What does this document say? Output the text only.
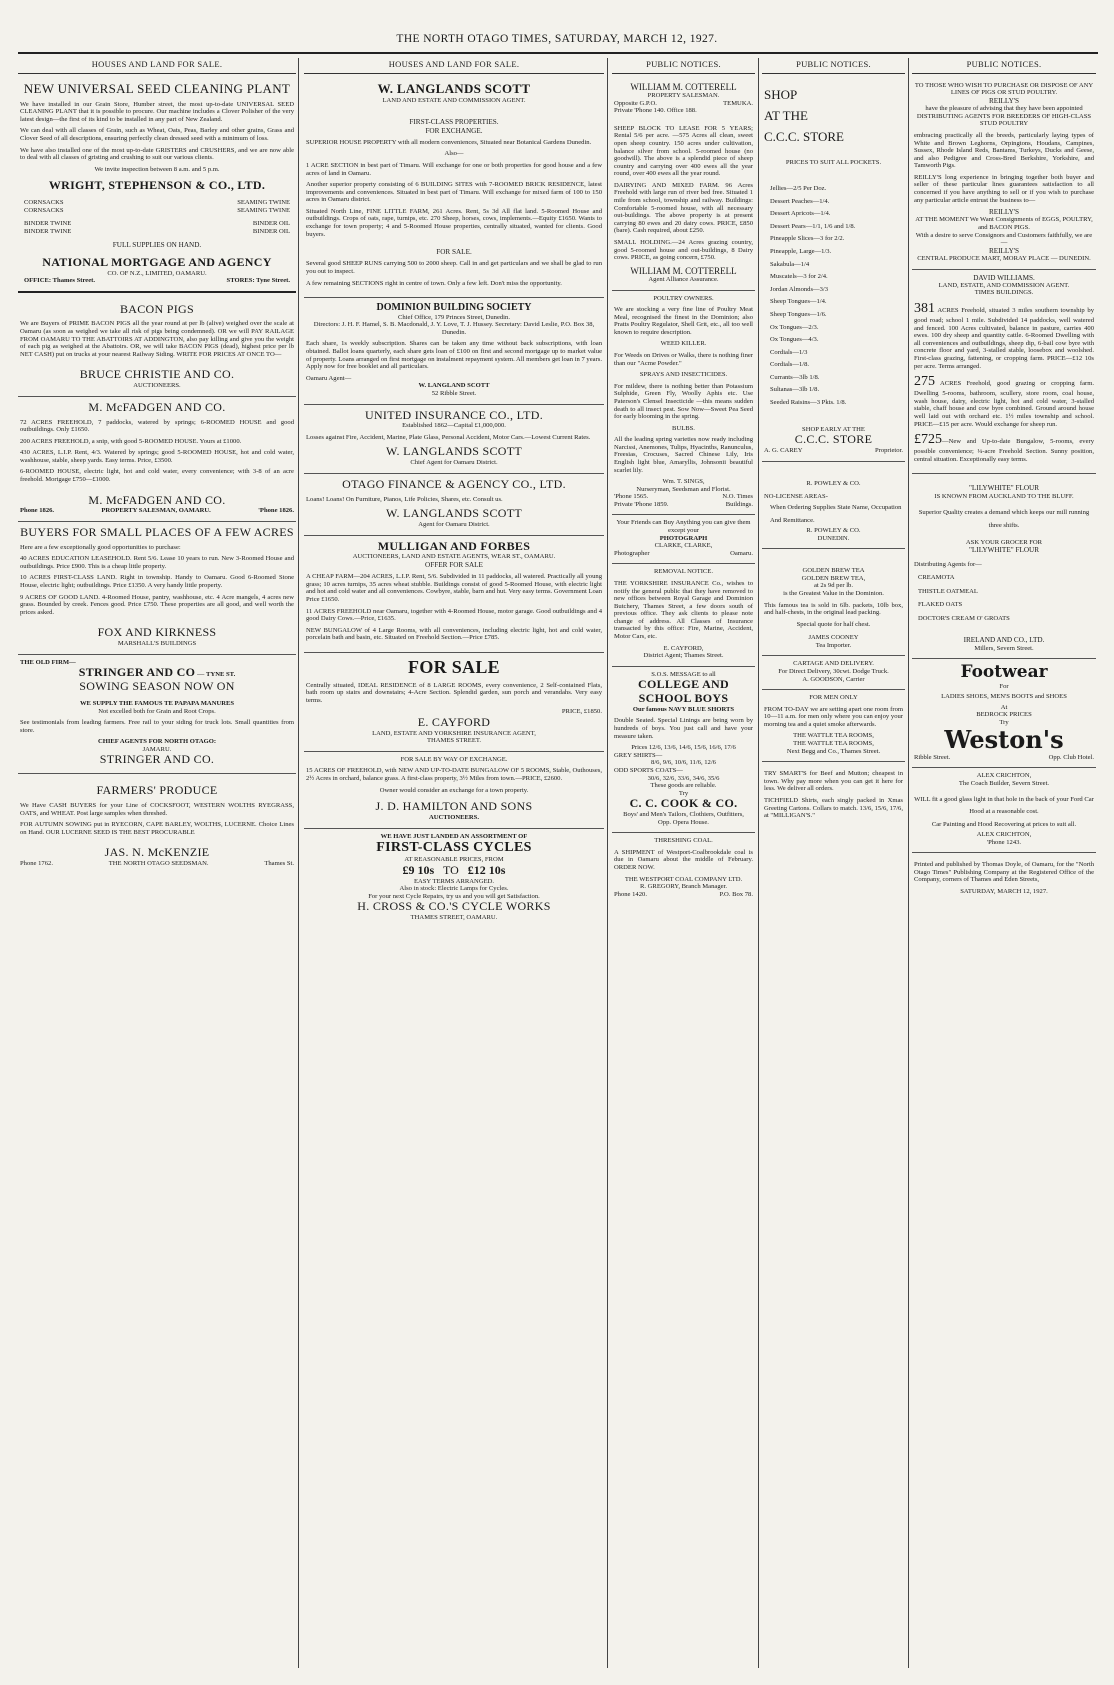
THE NORTH OTAGO TIMES, SATURDAY, MARCH 12, 1927.
HOUSES AND LAND FOR SALE.
NEW UNIVERSAL SEED CLEANING PLANT
We have installed in our Grain Store, Humber street, the most up-to-date UNIVERSAL SEED CLEANING PLANT that it is possible to procure. Our machine includes a Clover Polisher of the very latest design—the first of its kind to be installed in any part of New Zealand.
We can deal with all classes of Grain, such as Wheat, Oats, Peas, Barley and other grains, Grass and Clover Seed of all descriptions, ensuring perfectly clean dressed seed with a minimum of loss.
We have also installed one of the most up-to-date GRISTERS and CRUSHERS, and we are now able to deal with all classes of gristing and crushing to suit our various clients.
We invite inspection between 8 a.m. and 5 p.m.
WRIGHT, STEPHENSON & CO., LTD.
CORNSACKS	SEAMING TWINE
CORNSACKS	SEAMING TWINE
BINDER TWINE	BINDER OIL
BINDER TWINE	BINDER OIL
FULL SUPPLIES ON HAND.
NATIONAL MORTGAGE AND AGENCY
CO. OF N.Z., LIMITED, OAMARU.
OFFICE: Thames Street.	STORES: Tyne Street.
BACON PIGS
We are Buyers of PRIME BACON PIGS all the year round at per lb (alive) weighed over the scale at Oamaru (as soon as weighed we take all risk of pigs being condemned). OR we will PAY RAILAGE FROM OAMARU TO THE ABATTOIRS AT ADDINGTON, also pay killing and give you the weight of each pig as weighed at the Abattoirs. OR, we will take BACON PIGS (dead), highest price per lb NET CASH) put on trucks at your nearest Railway Siding. WRITE FOR PRICES AT ONCE TO—
BRUCE CHRISTIE AND CO.
AUCTIONEERS.
M. McFADGEN AND CO.
72 ACRES FREEHOLD, 7 paddocks, watered by springs; 6-ROOMED HOUSE and good outbuildings. Only £1650.
200 ACRES FREEHOLD, a snip, with good 5-ROOMED HOUSE. Yours at £1000.
430 ACRES, L.I.P. Rent, 4/3. Watered by springs; good 5-ROOMED HOUSE, hot and cold water, washhouse, stable, sheep yards. Easy terms. Price, £3500.
6-ROOMED HOUSE, electric light, hot and cold water, every convenience; with 3-8 of an acre freehold. Mortgage £750—£1000.
M. McFADGEN AND CO.
Phone 1826.	PROPERTY SALESMAN, OAMARU.	'Phone 1826.
BUYERS FOR SMALL PLACES OF A FEW ACRES
Here are a few exceptionally good opportunities to purchase:
40 ACRES EDUCATION LEASEHOLD. Rent 5/6. Lease 10 years to run. New 3-Roomed House and outbuildings. Price £900. This is a cheap little property.
10 ACRES FIRST-CLASS LAND. Right in township. Handy to Oamaru. Good 6-Roomed Stone House, electric light; outbuildings. Price £1350. A very handy little property.
9 ACRES OF GOOD LAND. 4-Roomed House, pantry, washhouse, etc. 4 Acre mangels, 4 acres new grass. Bounded by creek. Fences good. Price £750. These properties are all good, and well worth the prices asked.
FOX AND KIRKNESS
MARSHALL'S BUILDINGS
THE OLD FIRM—
STRINGER AND CO — TYNE ST.
SOWING SEASON NOW ON
WE SUPPLY THE FAMOUS TE PAPAPA MANURES
Not excelled both for Grain and Root Crops.
See testimonials from leading farmers. Free rail to your siding for truck lots. Small quantities from store.
CHIEF AGENTS FOR NORTH OTAGO:
JAMARU.
STRINGER AND CO.
FARMERS' PRODUCE
We Have CASH BUYERS for your Line of COCKSFOOT, WESTERN WOLTHS RYEGRASS, OATS, and WHEAT. Post large samples when threshed.
FOR AUTUMN SOWING put in RYECORN, CAPE BARLEY, WOLTHS, LUCERNE. Choice Lines on Hand. OUR LUCERNE SEED IS THE BEST PROCURABLE
JAS. N. McKENZIE
Phone 1762.	THE NORTH OTAGO SEEDSMAN.	Thames St.
HOUSES AND LAND FOR SALE.
W. LANGLANDS SCOTT
LAND AND ESTATE AND COMMISSION AGENT.
FIRST-CLASS PROPERTIES.
FOR EXCHANGE.
SUPERIOR HOUSE PROPERTY with all modern conveniences, Situated near Botanical Gardens Dunedin.
Also—
1 ACRE SECTION in best part of Timaru. Will exchange for one or both properties for good house and a few acres of land in Oamaru.
Another superior property consisting of 6 BUILDING SITES with 7-ROOMED BRICK RESIDENCE, latest improvements and conveniences. Situated in best part of Timaru. Will exchange for mixed farm of 100 to 150 acres in Oamaru district.
Situated North Line, FINE LITTLE FARM, 261 Acres. Rent, 5s 3d All flat land. 5-Roomed House and outbuildings. Crops of oats, rape, turnips, etc. 270 Sheep, horses, cows, implements.—Equity £1650. Wants to exchange for town property; 4 and 5-Roomed House properties, centrally situated, wanted for clients. Good buyers.
FOR SALE.
Several good SHEEP RUNS carrying 500 to 2000 sheep. Call in and get particulars and we shall be glad to run you out to inspect.
A few remaining SECTIONS right in centre of town. Only a few left. Don't miss the opportunity.
DOMINION BUILDING SOCIETY
Chief Office, 179 Princes Street, Dunedin.
Directors: J. H. F. Hamel, S. B. Macdonald, J. Y. Love, T. J. Hussey. Secretary: David Leslie, P.O. Box 38, Dunedin.
Each share, 1s weekly subscription. Shares can be taken any time without back subscriptions, with loan obtained. Ballot loans quarterly, each share gets loan of £100 on first and second mortgage up to market value of property. Loans arranged on first mortgage on instalment repayment system. All members get loan in 7 years. Apply now for free booklet and all particulars.
Oamaru Agent—
W. LANGLAND SCOTT
52 Ribble Street.
UNITED INSURANCE CO., LTD.
Established 1862—Capital £1,000,000.
Losses against Fire, Accident, Marine, Plate Glass, Personal Accident, Motor Cars.—Lowest Current Rates.
W. LANGLANDS SCOTT
Chief Agent for Oamaru District.
OTAGO FINANCE & AGENCY CO., LTD.
Loans! Loans! On Furniture, Pianos, Life Policies, Shares, etc. Consult us.
W. LANGLANDS SCOTT
Agent for Oamaru District.
MULLIGAN AND FORBES
AUCTIONEERS, LAND AND ESTATE AGENTS, WEAR ST., OAMARU.
OFFER FOR SALE
A CHEAP FARM—204 ACRES, L.I.P. Rent, 5/6. Subdivided in 11 paddocks, all watered. Practically all young grass; 10 acres turnips, 35 acres wheat stubble. Buildings consist of good 5-Roomed House, with electric light and hot and cold water and all conveniences. Cowbyre, stable, barn and hut. Very easy terms. Government Loan Price £1650.
11 ACRES FREEHOLD near Oamaru, together with 4-Roomed House, motor garage. Good outbuildings and 4 good Dairy Cows.—Price, £1635.
NEW BUNGALOW of 4 Large Rooms, with all conveniences, including electric light, hot and cold water, porcelain bath and basin, etc. Situated on Freehold Section.—Price £785.
FOR SALE
Centrally situated, IDEAL RESIDENCE of 8 LARGE ROOMS, every convenience, 2 Self-contained Flats, bath room up stairs and downstairs; 4-Acre Section. Splendid garden, sun porch and verandahs. Very easy terms.
PRICE, £1850.
E. CAYFORD
LAND, ESTATE AND YORKSHIRE INSURANCE AGENT,
THAMES STREET.
FOR SALE BY WAY OF EXCHANGE.
15 ACRES OF FREEHOLD, with NEW AND UP-TO-DATE BUNGALOW OF 5 ROOMS, Stable, Outhouses, 2½ Acres in orchard, balance grass. A first-class property, 3½ Miles from town.—PRICE, £2600.
Owner would consider an exchange for a town property.
J. D. HAMILTON AND SONS
AUCTIONEERS.
WE HAVE JUST LANDED AN ASSORTMENT OF
FIRST-CLASS CYCLES
AT REASONABLE PRICES, FROM
£9 10s TO £12 10s
EASY TERMS ARRANGED.
Also in stock: Electric Lamps for Cycles.
For your next Cycle Repairs, try us and you will get Satisfaction.
H. CROSS & CO.'S CYCLE WORKS
THAMES STREET, OAMARU.
PUBLIC NOTICES.
WILLIAM M. COTTERELL
PROPERTY SALESMAN.
Opposite G.P.O.	TEMUKA.
Private 'Phone 140. Office 188.
SHEEP BLOCK TO LEASE FOR 5 YEARS; Rental 5/6 per acre. —575 Acres all clean, sweet open sheep country. 150 acres under cultivation, balance silver from school. 5-roomed house (no goodwill). The above is a splendid piece of sheep country and carrying over 400 ewes all the year round, over 400 ewes all the year round.
DAIRYING AND MIXED FARM. 96 Acres Freehold with large run of river bed free. Situated 1 mile from school, township and railway. Buildings: Comfortable 5-roomed house, with all necessary out-buildings. The above property is at present carrying 80 ewes and 20 dairy cows. PRICE, £850 (bare). Cash required, about £250.
SMALL HOLDING.—24 Acres grazing country, good 5-roomed house and out-buildings, 8 Dairy cows. PRICE, as going concern, £750.
WILLIAM M. COTTERELL
Agent Alliance Assurance.
POULTRY OWNERS.
We are stocking a very fine line of Poultry Meat Meal, recognised the finest in the Dominion; also Pratts Poultry Regulator, Shell Grit, etc., all too well known to require description.
WEED KILLER.
For Weeds on Drives or Walks, there is nothing finer than our "Acme Powder."
SPRAYS AND INSECTICIDES.
For mildew, there is nothing better than Potassium Sulphide, Green Fly, Woolly Aphis etc. Use Paterson's Clensel Insecticide —this means sudden death to all insect pest. Sow Now—Sweet Pea Seed for early blooming in the spring.
BULBS.
All the leading spring varieties now ready including Narcissi, Anemones, Tulips, Hyacinths, Ranunculus, Freesias, Crocuses, Sacred Chinese Lily, Iris English light blue, Amaryllis, Johnsonii beautiful scarlet lily.
Wm. T. SINGS,
Nurseryman, Seedsman and Florist.
'Phone 1565.	N.O. Times
Private 'Phone 1859.	Buildings.
Your Friends can Buy Anything you can give them except your
PHOTOGRAPH
CLARKE, CLARKE,
Photographer	Oamaru.
REMOVAL NOTICE.
THE YORKSHIRE INSURANCE Co., wishes to notify the general public that they have removed to new offices between Royal Garage and Dominion Butchery, Thames Street, a few doors south of previous office. They ask clients to please note change of address. All Classes of Insurance transacted by this office: Fire, Marine, Accident, Motor Cars, etc.
E. CAYFORD,
District Agent; Thames Street.
S.O.S. MESSAGE to all
COLLEGE AND SCHOOL BOYS
Our famous NAVY BLUE SHORTS
Double Seated. Special Linings are being worn by hundreds of boys. You just call and have your measure taken.
Prices 12/6, 13/6, 14/6, 15/6, 16/6, 17/6
GREY SHIRTS—
8/6, 9/6, 10/6, 11/6, 12/6
ODD SPORTS COATS—
30/6, 32/6, 33/6, 34/6, 35/6
These goods are reliable.
Try
C. C. COOK & CO.
Boys' and Men's Tailors, Clothiers, Outfitters,
Opp. Opera House.
THRESHING COAL.
A SHIPMENT of Westport-Coalbrookdale coal is due in Oamaru about the middle of February. ORDER NOW.
THE WESTPORT COAL COMPANY LTD.
R. GREGORY, Branch Manager.
Phone 1420.	P.O. Box 78.
PUBLIC NOTICES.
SHOP
AT THE
C.C.C. STORE
PRICES TO SUIT ALL POCKETS.
Jellies—2/5 Per Doz.
Dessert Peaches—1/4.
Dessert Apricots—1/4.
Dessert Pears—1/1, 1/6 and 1/8.
Pineapple Slices—3 for 2/2.
Pineapple, Large—1/3.
Sakabula—1/4
Muscatels—3 for 2/4.
Jordan Almonds—3/3
Sheep Tongues—1/4.
Sheep Tongues—1/6.
Ox Tongues—2/3.
Ox Tongues—4/3.
Cordials—1/3
Cordials—1/8.
Currants—3lb 1/8.
Sultanas—3lb 1/8.
Seeded Raisins—3 Pkts. 1/8.
SHOP EARLY AT THE
C.C.C. STORE
A. G. CAREY	Proprietor.
R. POWLEY & CO.
NO-LICENSE AREAS-
When Ordering Supplies State Name, Occupation And Remittance.
R. POWLEY & CO.
DUNEDIN.
GOLDEN BREW TEA
GOLDEN BREW TEA,
at 2s 9d per lb.
is the Greatest Value in the Dominion.
This famous tea is sold in 6lb. packets, 10lb box, and half-chests, in the original lead packing.
Special quote for half chest.
JAMES COONEY
Tea Importer.
CARTAGE AND DELIVERY.
For Direct Delivery, 30cwt. Dodge Truck.
A. GOODSON, Carrier
FOR MEN ONLY
FROM TO-DAY we are setting apart one room from 10—11 a.m. for men only where you can enjoy your morning tea and a quiet smoke afterwards.
THE WATTLE TEA ROOMS,
THE WATTLE TEA ROOMS,
Next Begg and Co., Thames Street.
TRY SMART'S for Beef and Mutton; cheapest in town. Why pay more when you can get it here for less. We deliver all orders.
TICHFIELD Shirts, each singly packed in Xmas Greeting Cartons. Collars to match. 13/6, 15/6, 17/6, at "MILLIGAN'S."
PUBLIC NOTICES.
TO THOSE WHO WISH TO PURCHASE OR DISPOSE OF ANY LINES OF PIGS OR STUD POULTRY.
REILLY'S
have the pleasure of advising that they have been appointed
DISTRIBUTING AGENTS FOR BREEDERS OF HIGH-CLASS STUD POULTRY
embracing practically all the breeds, particularly laying types of White and Brown Leghorns, Orpingtons, Houdans, Campines, Sussex, Rhode Island Reds, Bantams, Turkeys, Ducks and Geese, and also Pedigree and Cross-Bred Berkshire, Yorkshire, and Tamworth Pigs.
REILLY'S long experience in bringing together both buyer and seller of these particular lines guarantees satisfaction to all concerned if you have anything to sell or if you wish to purchase any particular article entrust the business to—
REILLY'S
AT THE MOMENT We Want Consignments of EGGS, POULTRY, and BACON PIGS.
With a desire to serve Consignors and Customers faithfully, we are—
REILLY'S
CENTRAL PRODUCE MART, MORAY PLACE — DUNEDIN.
DAVID WILLIAMS.
LAND, ESTATE, AND COMMISSION AGENT.
TIMES BUILDINGS.
381 ACRES Freehold, situated 3 miles southern township by good road; school 1 mile. Subdivided 14 paddocks, well watered and fenced. 100 Acres cultivated, balance in pasture, carries 400 ewes. 100 dry sheep and quantity cattle. 6-Roomed Dwelling with all conveniences and outbuildings, sheep dip, 6-bail cow byre with concrete floor and yard, 3-stalled stable, loosebox and woolshed. First-class grazing, fattening, or cropping farm. PRICE—£12 10s per acre. Terms arranged.
275 ACRES Freehold, good grazing or cropping farm. Dwelling 5-rooms, bathroom, scullery, store room, coal house, wash house, dairy, electric light, hot and cold water, 3-stalled stable, chaff house and cow byre combined. Ground around house well laid out with orchard etc. 1½ miles township and school. PRICE—£15 per acre. Would exchange for sheep run.
£725—New and Up-to-date Bungalow, 5-rooms, every possible convenience; ¼-acre Freehold Section. Sunny position, central situation. Exceptionally easy terms.
"LILYWHITE" FLOUR
IS KNOWN FROM AUCKLAND TO THE BLUFF.
Superior Quality creates a demand which keeps our mill running three shifts.
ASK YOUR GROCER FOR
"LILYWHITE" FLOUR
Distributing Agents for—
CREAMOTA
THISTLE OATMEAL
FLAKED OATS
DOCTOR'S CREAM O' GROATS
IRELAND AND CO., LTD.
Millers, Severn Street.
Footwear
For
LADIES SHOES, MEN'S BOOTS and SHOES
At
BEDROCK PRICES
Try
Weston's
Ribble Street.	Opp. Club Hotel.
ALEX CRICHTON,
The Coach Builder, Severn Street.
WILL fit a good glass light in that hole in the back of your Ford Car Hood at a reasonable cost.
Car Painting and Hood Recovering at prices to suit all.
ALEX CRICHTON,
'Phone 1243.
Printed and published by Thomas Doyle, of Oamaru, for the "North Otago Times" Publishing Company at the Registered Office of the Company, corners of Thames and Eden Streets,
SATURDAY, MARCH 12, 1927.
